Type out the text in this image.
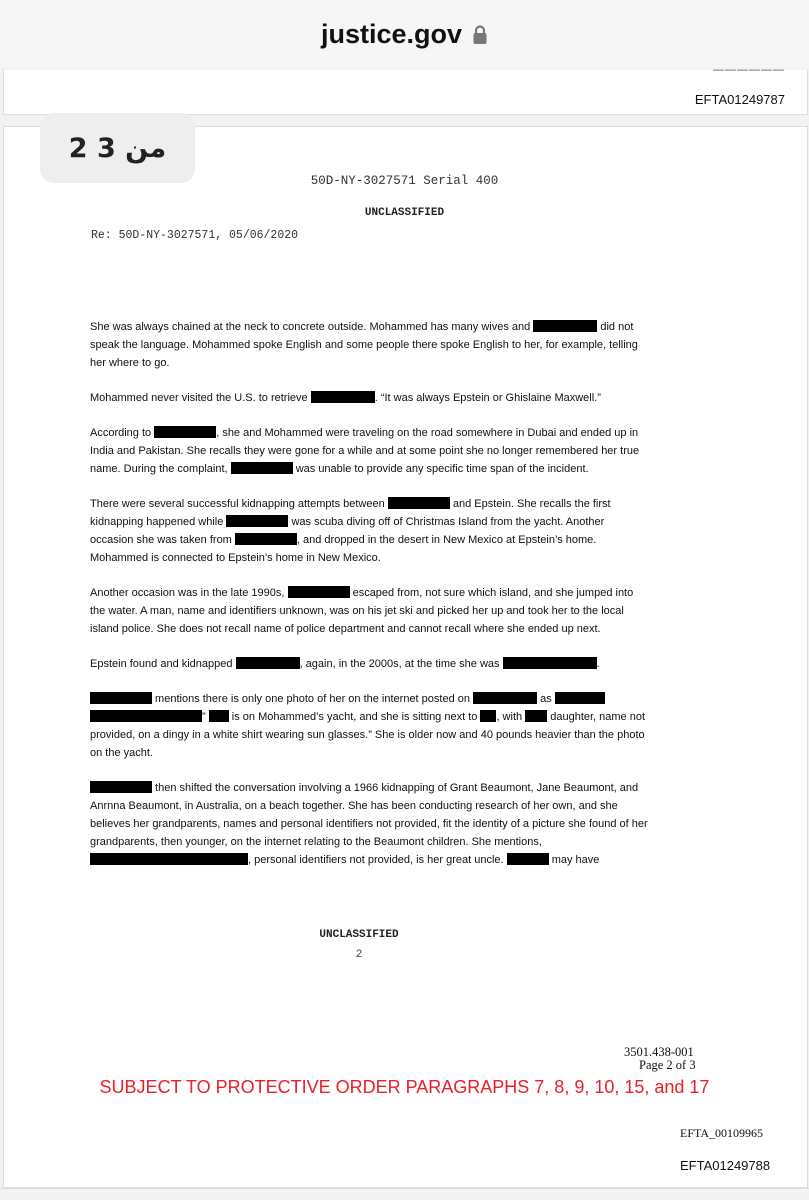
justice.gov
――――――
EFTA01249787
2 من 3
50D-NY-3027571 Serial 400
UNCLASSIFIED
Re: 50D-NY-3027571, 05/06/2020

She was always chained at the neck to concrete outside. Mohammed has many wives and	did not speak the language. Mohammed spoke English and some people there spoke English to her, for example, telling her where to go.

Mohammed never visited the U.S. to retrieve	. “It was always Epstein or Ghislaine Maxwell.”

According to	, she and Mohammed were traveling on the road somewhere in Dubai and ended up in India and Pakistan. She recalls they were gone for a while and at some point she no longer remembered her true name. During the complaint,	was unable to provide any specific time span of the incident.

There were several successful kidnapping attempts between	and Epstein. She recalls the first kidnapping happened while	was scuba diving off of Christmas Island from the yacht. Another occasion she was taken from	, and dropped in the desert in New Mexico at Epstein’s home. Mohammed is connected to Epstein’s home in New Mexico.

Another occasion was in the late 1990s,	escaped from, not sure which island, and she jumped into the water. A man, name and identifiers unknown, was on his jet ski and picked her up and took her to the local island police. She does not recall name of police department and cannot recall where she ended up next.

Epstein found and kidnapped	, again, in the 2000s, at the time she was	.

mentions there is only one photo of her on the internet posted on	as  ”  is on Mohammed’s yacht, and she is sitting next to , with  daughter, name not provided, on a dingy in a white shirt wearing sun glasses.” She is older now and 40 pounds heavier than the photo on the yacht.

then shifted the conversation involving a 1966 kidnapping of Grant Beaumont, Jane Beaumont, and Anrnna Beaumont, in Australia, on a beach together. She has been conducting research of her own, and she believes her grandparents, names and personal identifiers not provided, fit the identity of a picture she found of her grandparents, then younger, on the internet relating to the Beaumont children. She mentions, , personal identifiers not provided, is her great uncle.	may have

UNCLASSIFIED
2
3501.438-001
Page 2 of 3
SUBJECT TO PROTECTIVE ORDER PARAGRAPHS 7, 8, 9, 10, 15, and 17
EFTA_00109965
EFTA01249788
